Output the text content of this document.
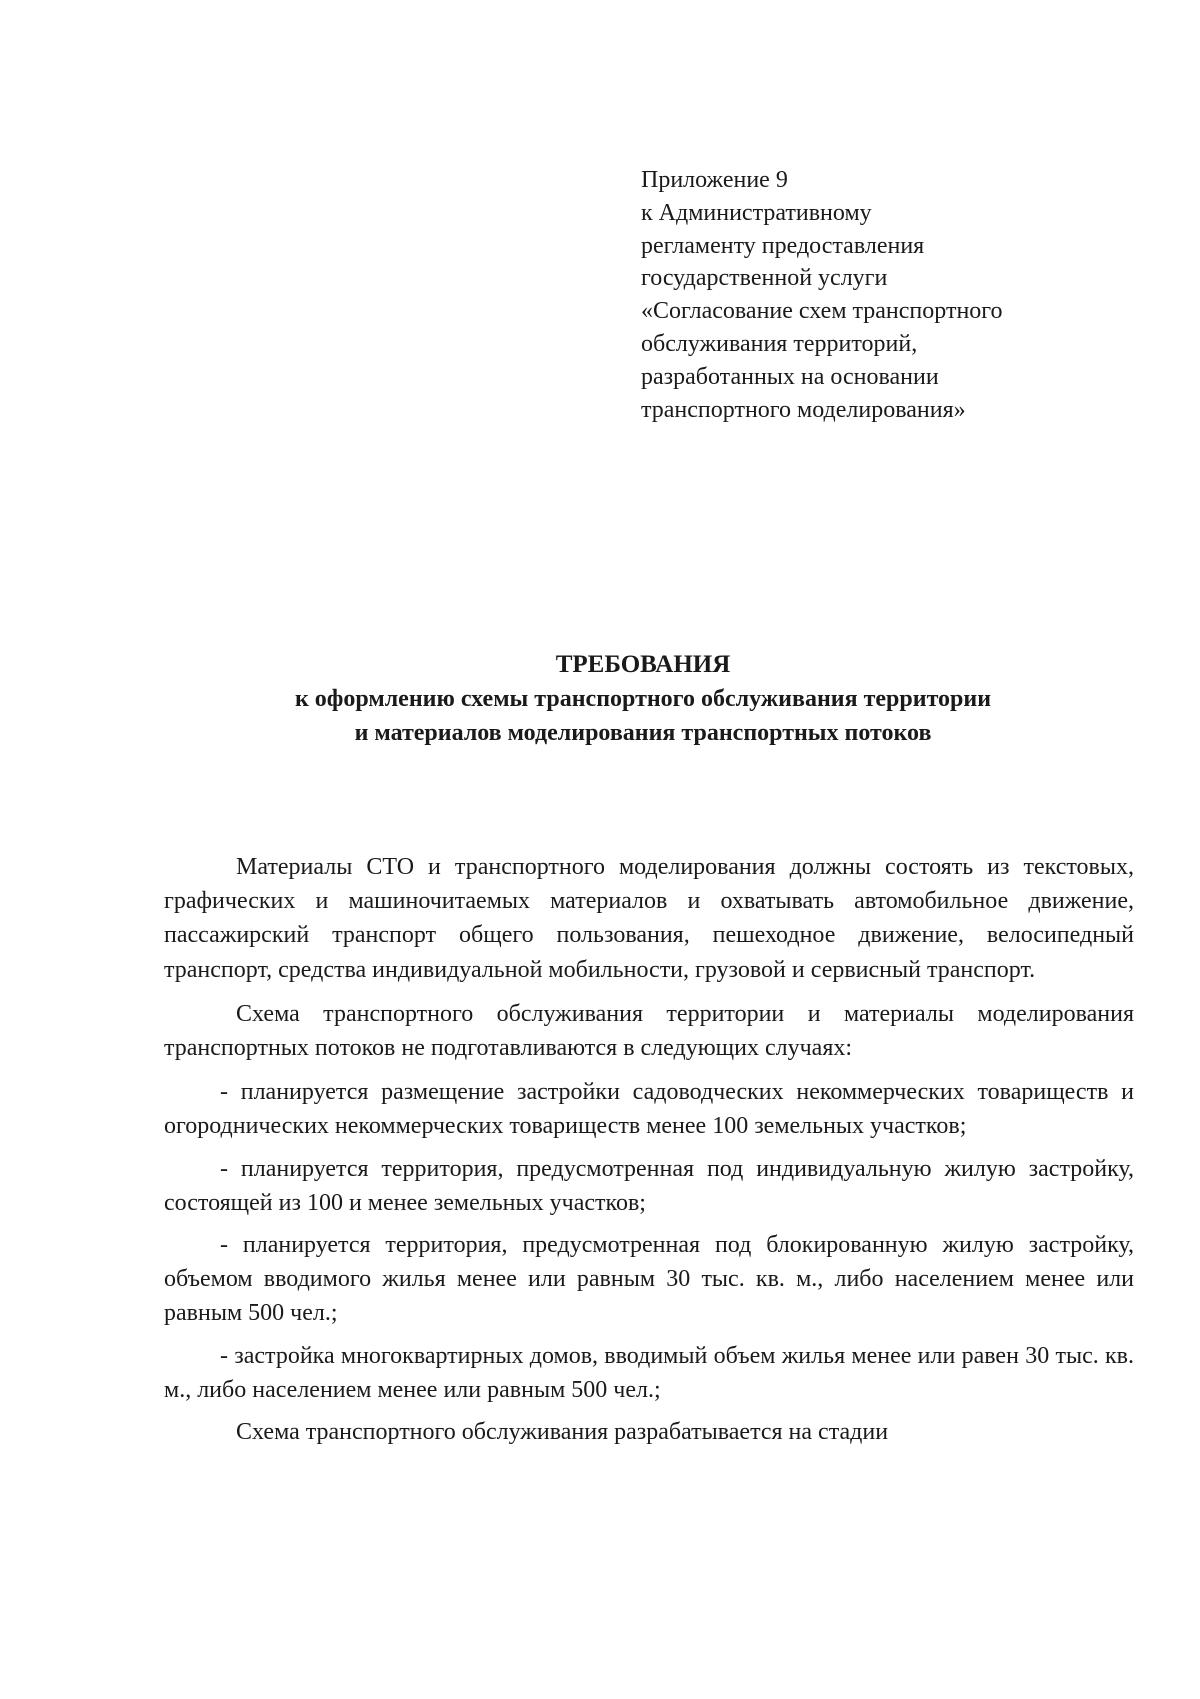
Приложение 9
к Административному
регламенту предоставления
государственной услуги
«Согласование схем транспортного
обслуживания территорий,
разработанных на основании
транспортного моделирования»
ТРЕБОВАНИЯ
к оформлению схемы транспортного обслуживания территории
и материалов моделирования транспортных потоков

Материалы СТО и транспортного моделирования должны состоять из текстовых, графических и машиночитаемых материалов и охватывать автомобильное движение, пассажирский транспорт общего пользования, пешеходное движение, велосипедный транспорт, средства индивидуальной мобильности, грузовой и сервисный транспорт.

Схема транспортного обслуживания территории и материалы моделирования транспортных потоков не подготавливаются в следующих случаях:

- планируется размещение застройки садоводческих некоммерческих товариществ и огороднических некоммерческих товариществ менее 100 земельных участков;

- планируется территория, предусмотренная под индивидуальную жилую застройку, состоящей из 100 и менее земельных участков;

- планируется территория, предусмотренная под блокированную жилую застройку, объемом вводимого жилья менее или равным 30 тыс. кв. м., либо населением менее или равным 500 чел.;

- застройка многоквартирных домов, вводимый объем жилья менее или равен 30 тыс. кв. м., либо населением менее или равным 500 чел.;

Схема транспортного обслуживания разрабатывается на стадии
